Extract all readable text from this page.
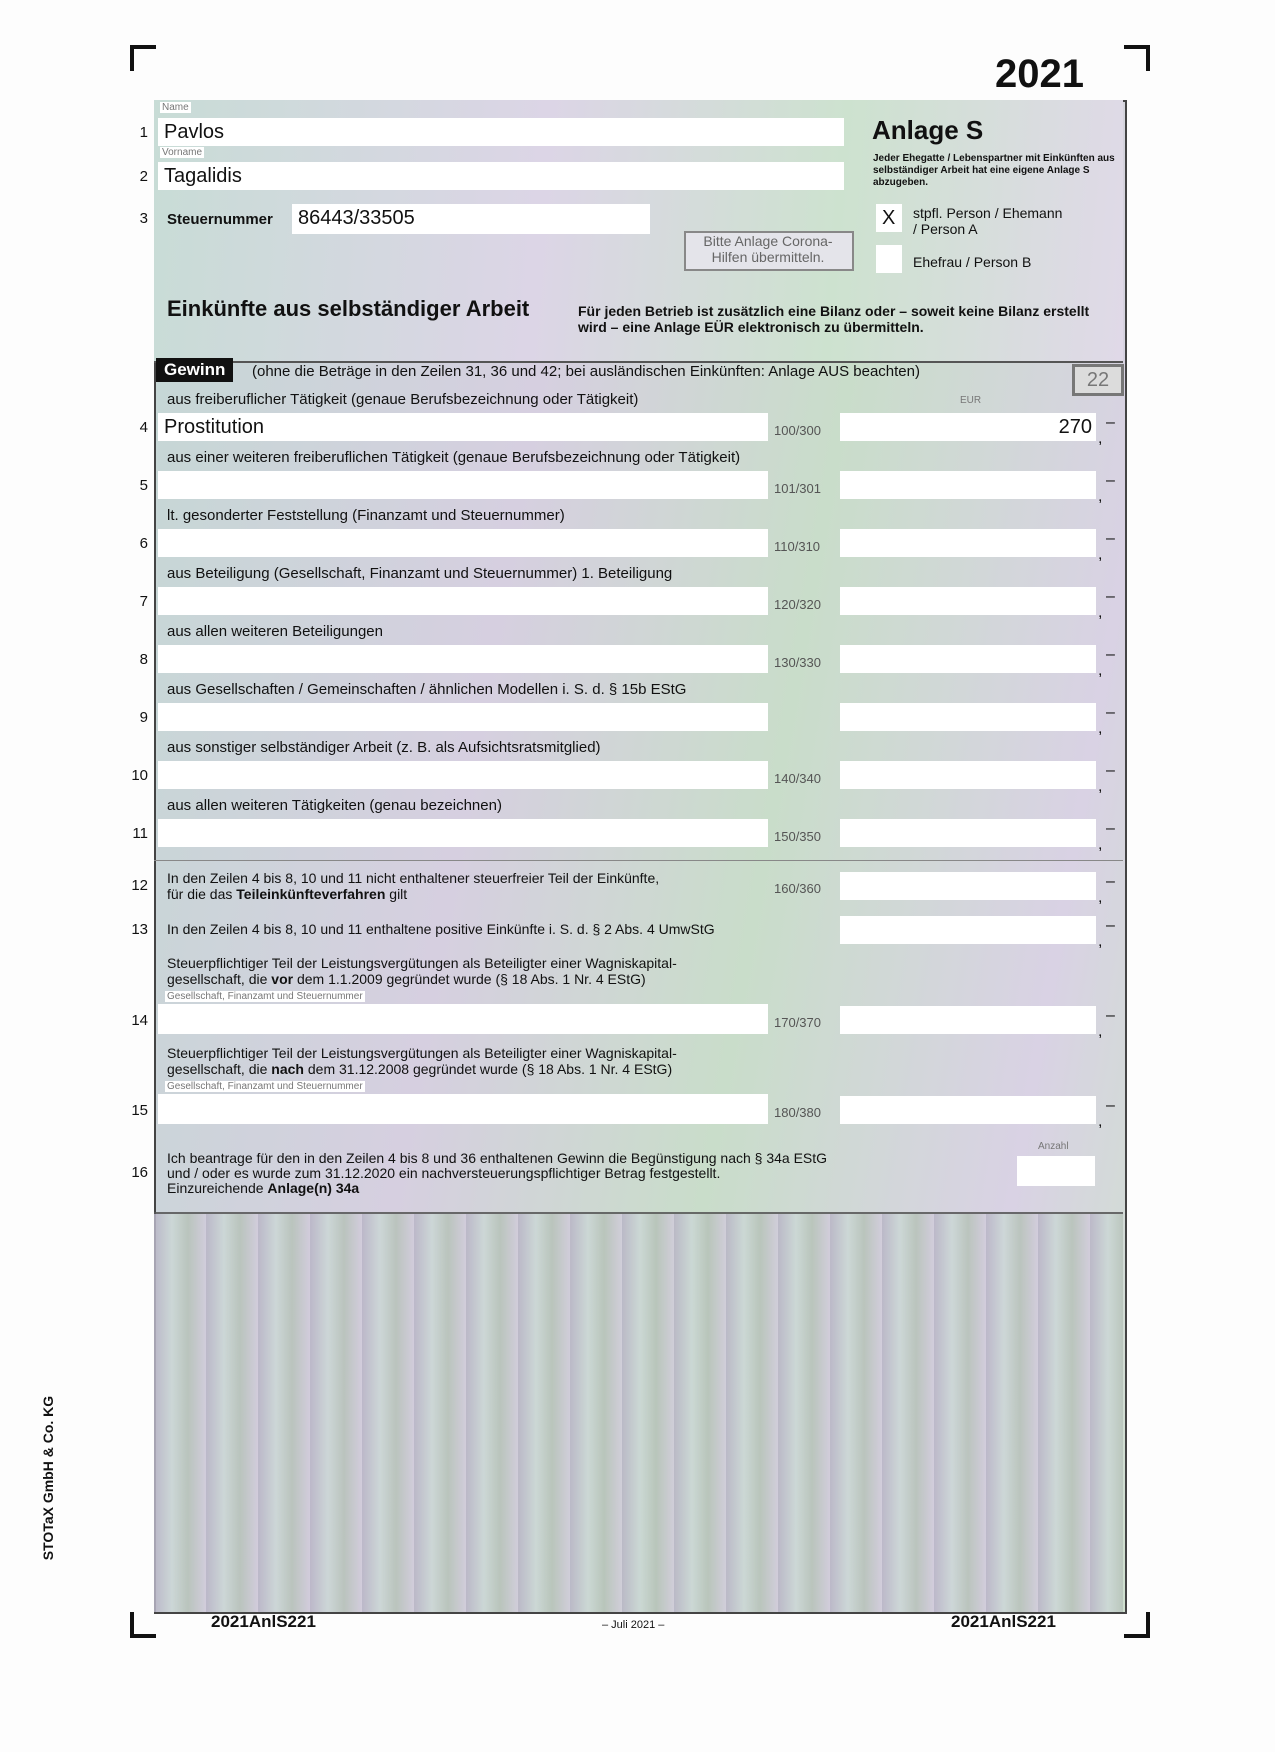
2021
Name
1 Pavlos
Vorname
2 Tagalidis
3 Steuernummer 86443/33505
Bitte Anlage Corona-Hilfen übermitteln.
Anlage S
Jeder Ehegatte / Lebenspartner mit Einkünften aus selbständiger Arbeit hat eine eigene Anlage S abzugeben.
X stpfl. Person / Ehemann / Person A
Ehefrau / Person B
Einkünfte aus selbständiger Arbeit	Für jeden Betrieb ist zusätzlich eine Bilanz oder – soweit keine Bilanz erstellt wird – eine Anlage EÜR elektronisch zu übermitteln.
Gewinn	(ohne die Beträge in den Zeilen 31, 36 und 42; bei ausländischen Einkünften: Anlage AUS beachten)	22
EUR
aus freiberuflicher Tätigkeit (genaue Berufsbezeichnung oder Tätigkeit)
4 Prostitution	100/300	270
,
–
aus einer weiteren freiberuflichen Tätigkeit (genaue Berufsbezeichnung oder Tätigkeit)
5	101/301	,
–
lt. gesonderter Feststellung (Finanzamt und Steuernummer)
6	110/310	,
–
aus Beteiligung (Gesellschaft, Finanzamt und Steuernummer) 1. Beteiligung
7	120/320	,
–
aus allen weiteren Beteiligungen
8	130/330	,
–
aus Gesellschaften / Gemeinschaften / ähnlichen Modellen i. S. d. § 15b EStG
9
,
–
aus sonstiger selbständiger Arbeit (z. B. als Aufsichtsratsmitglied)
10	140/340	,
–
aus allen weiteren Tätigkeiten (genau bezeichnen)
11	150/350	,
–
12 In den Zeilen 4 bis 8, 10 und 11 nicht enthaltener steuerfreier Teil der Einkünfte,
für die das Teileinkünfteverfahren gilt	160/360
,
–
13 In den Zeilen 4 bis 8, 10 und 11 enthaltene positive Einkünfte i. S. d. § 2 Abs. 4 UmwStG
,
–
Steuerpflichtiger Teil der Leistungsvergütungen als Beteiligter einer Wagniskapital-
gesellschaft, die vor dem 1.1.2009 gegründet wurde (§ 18 Abs. 1 Nr. 4 EStG)
Gesellschaft, Finanzamt und Steuernummer
14	170/370
,
–
Steuerpflichtiger Teil der Leistungsvergütungen als Beteiligter einer Wagniskapital-
gesellschaft, die nach dem 31.12.2008 gegründet wurde (§ 18 Abs. 1 Nr. 4 EStG)
Gesellschaft, Finanzamt und Steuernummer
15	180/380
,
–
16
Ich beantrage für den in den Zeilen 4 bis 8 und 36 enthaltenen Gewinn die Begünstigung nach § 34a EStG
und / oder es wurde zum 31.12.2020 ein nachversteuerungspflichtiger Betrag festgestellt.
Einzureichende Anlage(n) 34a
Anzahl
2021AnlS221	– Juli 2021 –	2021AnlS221
STOTaX GmbH & Co. KG
